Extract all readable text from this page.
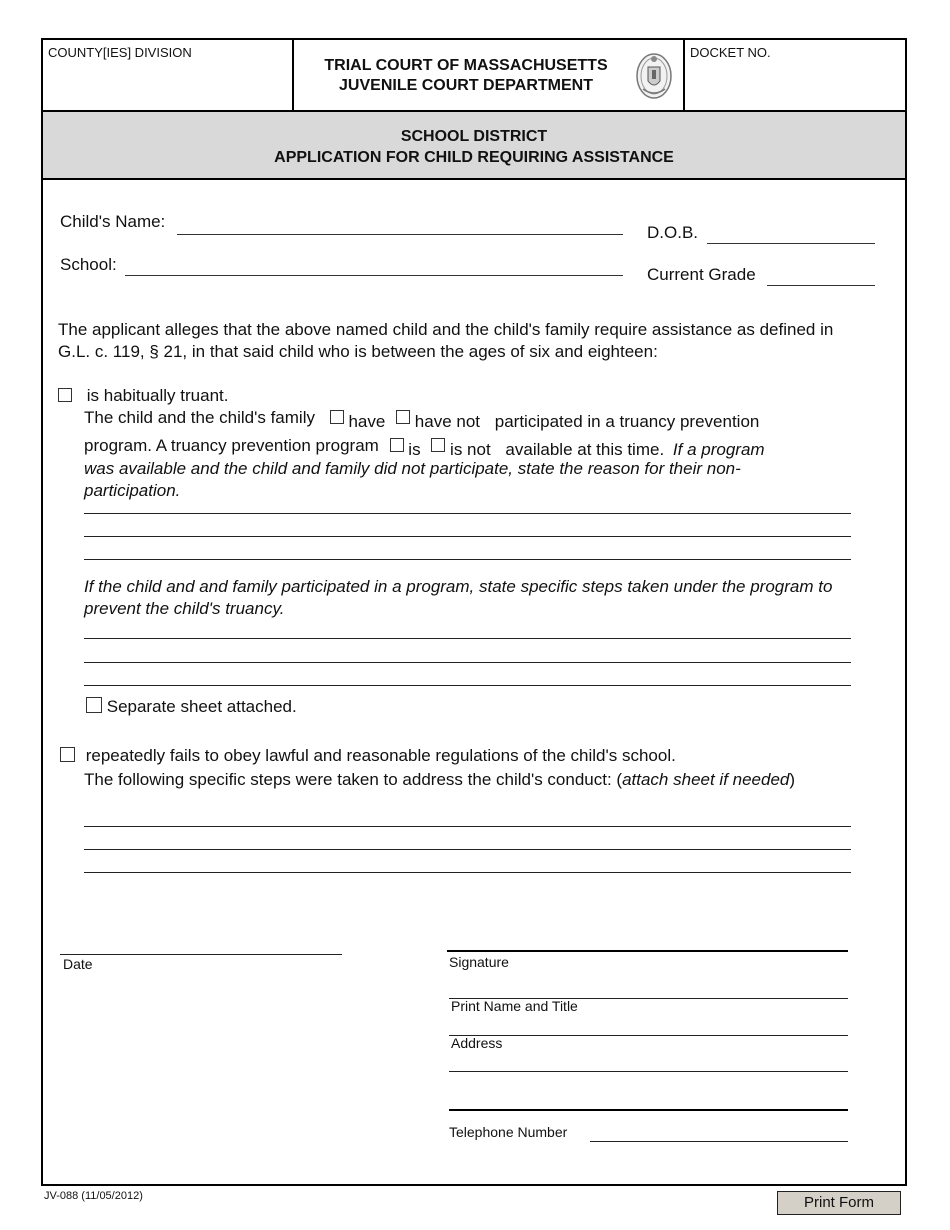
COUNTY[IES] DIVISION	DOCKET NO.
TRIAL COURT OF MASSACHUSETTS
JUVENILE COURT DEPARTMENT
SCHOOL DISTRICT
APPLICATION FOR CHILD REQUIRING ASSISTANCE
Child's Name:
D.O.B.
School:
Current Grade
The applicant alleges that the above named child and the child's family require assistance as defined in G.L. c. 119, § 21, in that said child who is between the ages of six and eighteen:
is habitually truant.
The child and the child's family have have not participated in a truancy prevention
program. A truancy prevention program is is not available at this time. If a program
was available and the child and family did not participate, state the reason for their non-participation.
If the child and and family participated in a program, state specific steps taken under the program to prevent the child's truancy.
Separate sheet attached.
repeatedly fails to obey lawful and reasonable regulations of the child's school.
The following specific steps were taken to address the child's conduct: (attach sheet if needed)
Date	Signature
Print Name and Title
Address
Telephone Number
JV-088 (11/05/2012)	Print Form
